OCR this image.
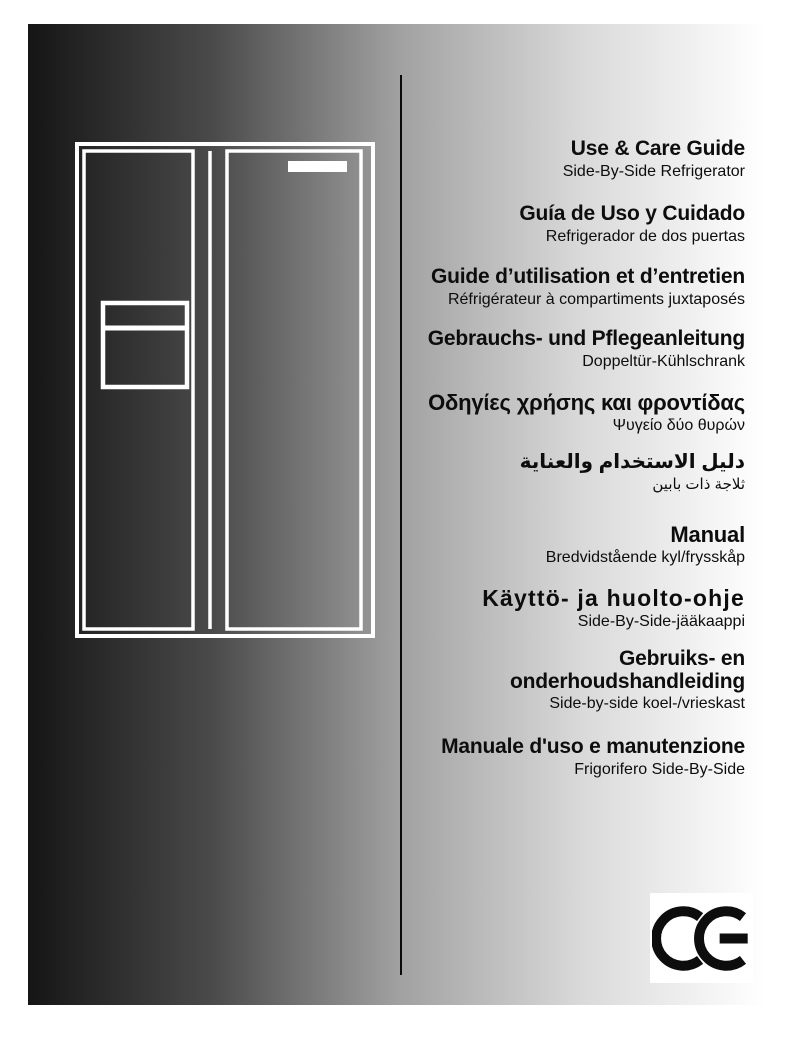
Use & Care Guide
Side-By-Side Refrigerator
Guía de Uso y Cuidado
Refrigerador de dos puertas
Guide d’utilisation et d’entretien
Réfrigérateur à compartiments juxtaposés
Gebrauchs- und Pflegeanleitung
Doppeltür-Kühlschrank
Οδηγίες χρήσης και φροντίδας
Ψυγείο δύο θυρών
دليل الاستخدام والعناية
ثلاجة ذات بابين
Manual
Bredvidstående kyl/frysskåp
Käyttö- ja huolto-ohje
Side-By-Side-jääkaappi
Gebruiks- en onderhoudshandleiding
Side-by-side koel-/vrieskast
Manuale d'uso e manutenzione
Frigorifero Side-By-Side
